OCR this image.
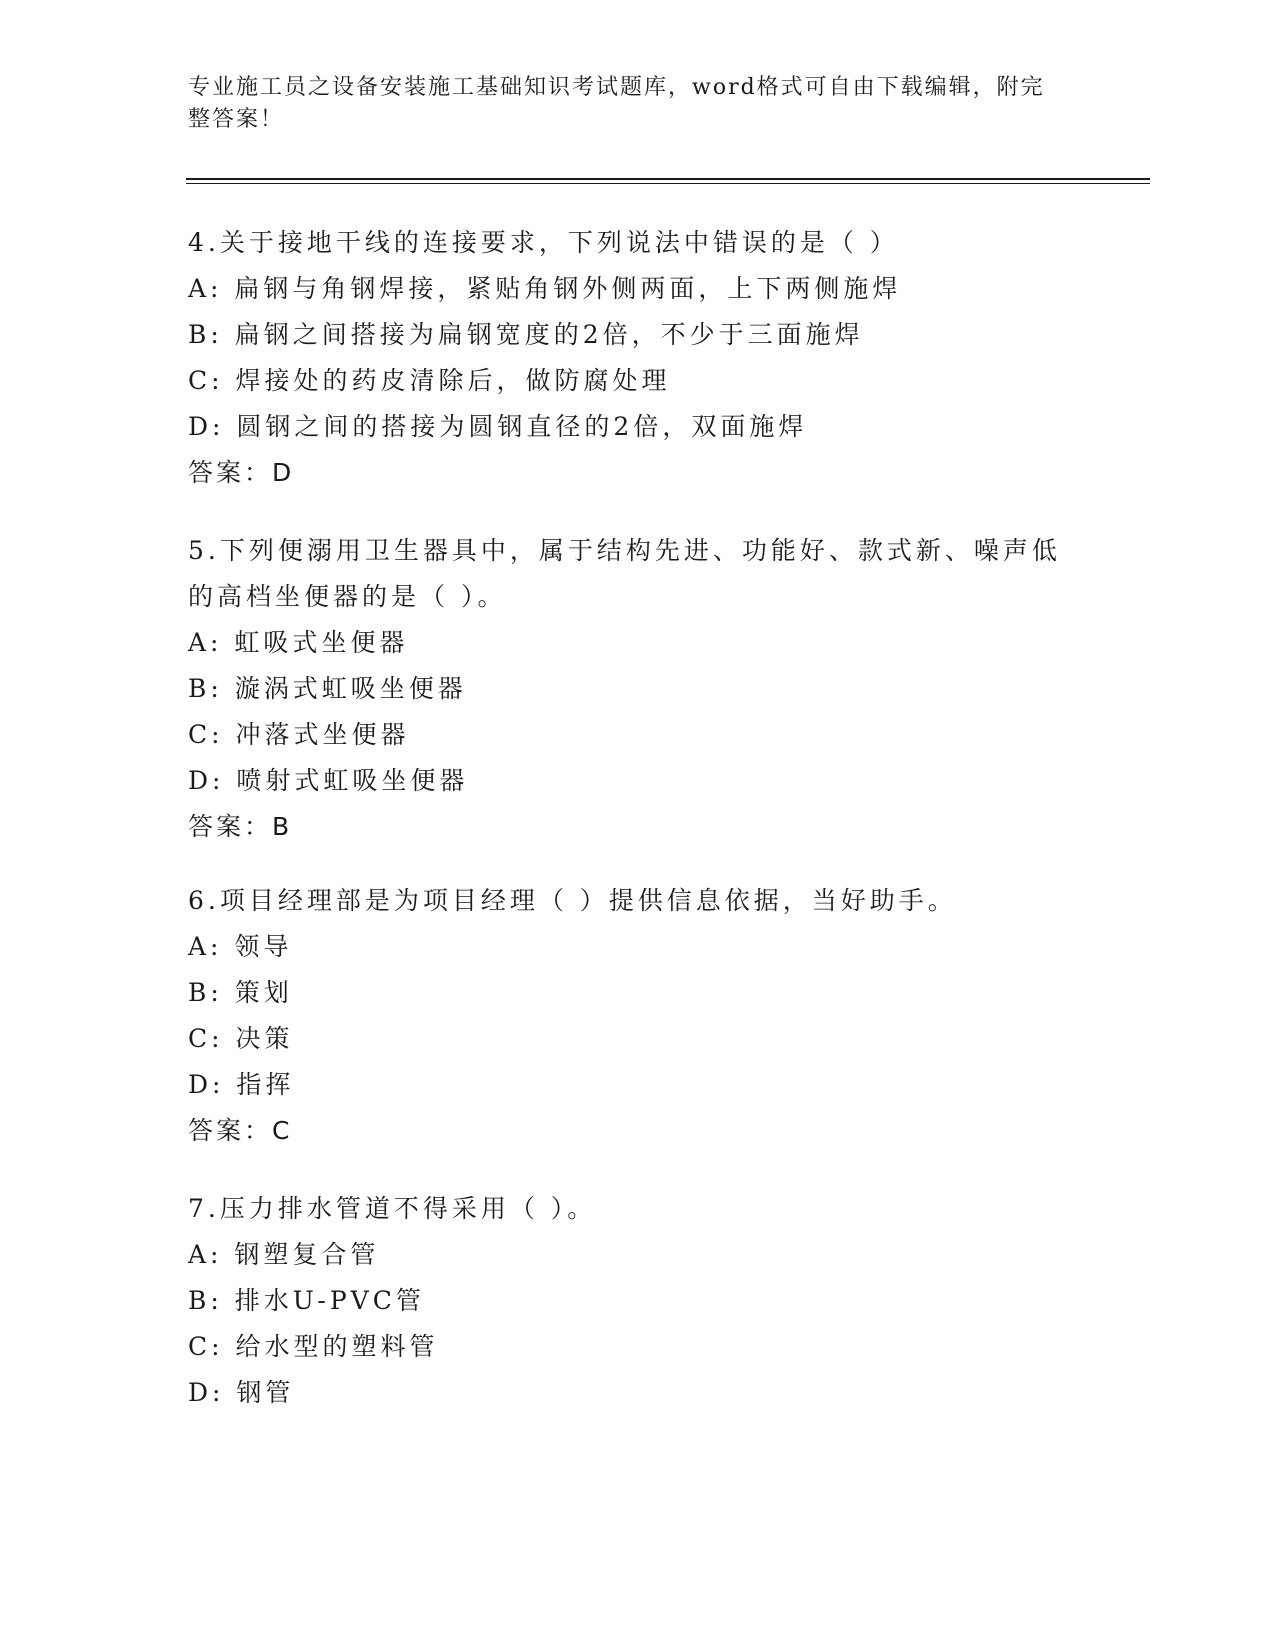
专业施工员之设备安装施工基础知识考试题库，word格式可自由下载编辑，附完整答案！

4.关于接地干线的连接要求，下列说法中错误的是（ ）

A: 扁钢与角钢焊接，紧贴角钢外侧两面，上下两侧施焊

B: 扁钢之间搭接为扁钢宽度的2倍，不少于三面施焊

C: 焊接处的药皮清除后，做防腐处理

D: 圆钢之间的搭接为圆钢直径的2倍，双面施焊

答案：D

5.下列便溺用卫生器具中，属于结构先进、功能好、款式新、噪声低的高档坐便器的是（ ）。

A: 虹吸式坐便器

B: 漩涡式虹吸坐便器

C: 冲落式坐便器

D: 喷射式虹吸坐便器

答案：B

6.项目经理部是为项目经理（ ）提供信息依据，当好助手。

A: 领导

B: 策划

C: 决策

D: 指挥

答案：C

7.压力排水管道不得采用（ ）。

A: 钢塑复合管

B: 排水U-PVC管

C: 给水型的塑料管

D: 钢管
